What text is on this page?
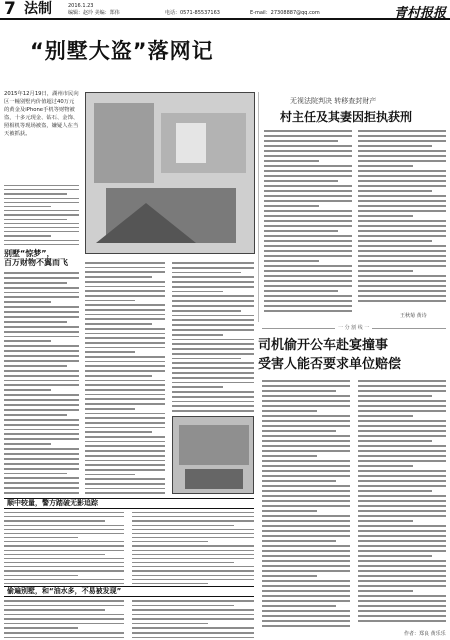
7 法制	2016.1.23
编辑：赵玲 美编：郑伟	电话：0571-85537163	E-mail：27308887@qq.com	青村报报
“别墅大盗”落网记
2015年12月19日，湖州市民向区一幢别墅内价值超过40万元的黄金及iPhone手机等财物被盗，十多元现金、钻石、金饰、照相机等现场被盗，嫌疑人在当天被抓获。
别墅“惊梦”，
百万财物不翼而飞
顺中较量，警方踏破无影追踪
偷遍别墅，和“油水多，不易被发现”
无视法院判决 转移查封财产
村主任及其妻因拒执获刑
王秋菊 黄诗
一 分 割 线 一
司机偷开公车赴宴撞事
受害人能否要求单位赔偿
作者：郑良 黄乐乐
